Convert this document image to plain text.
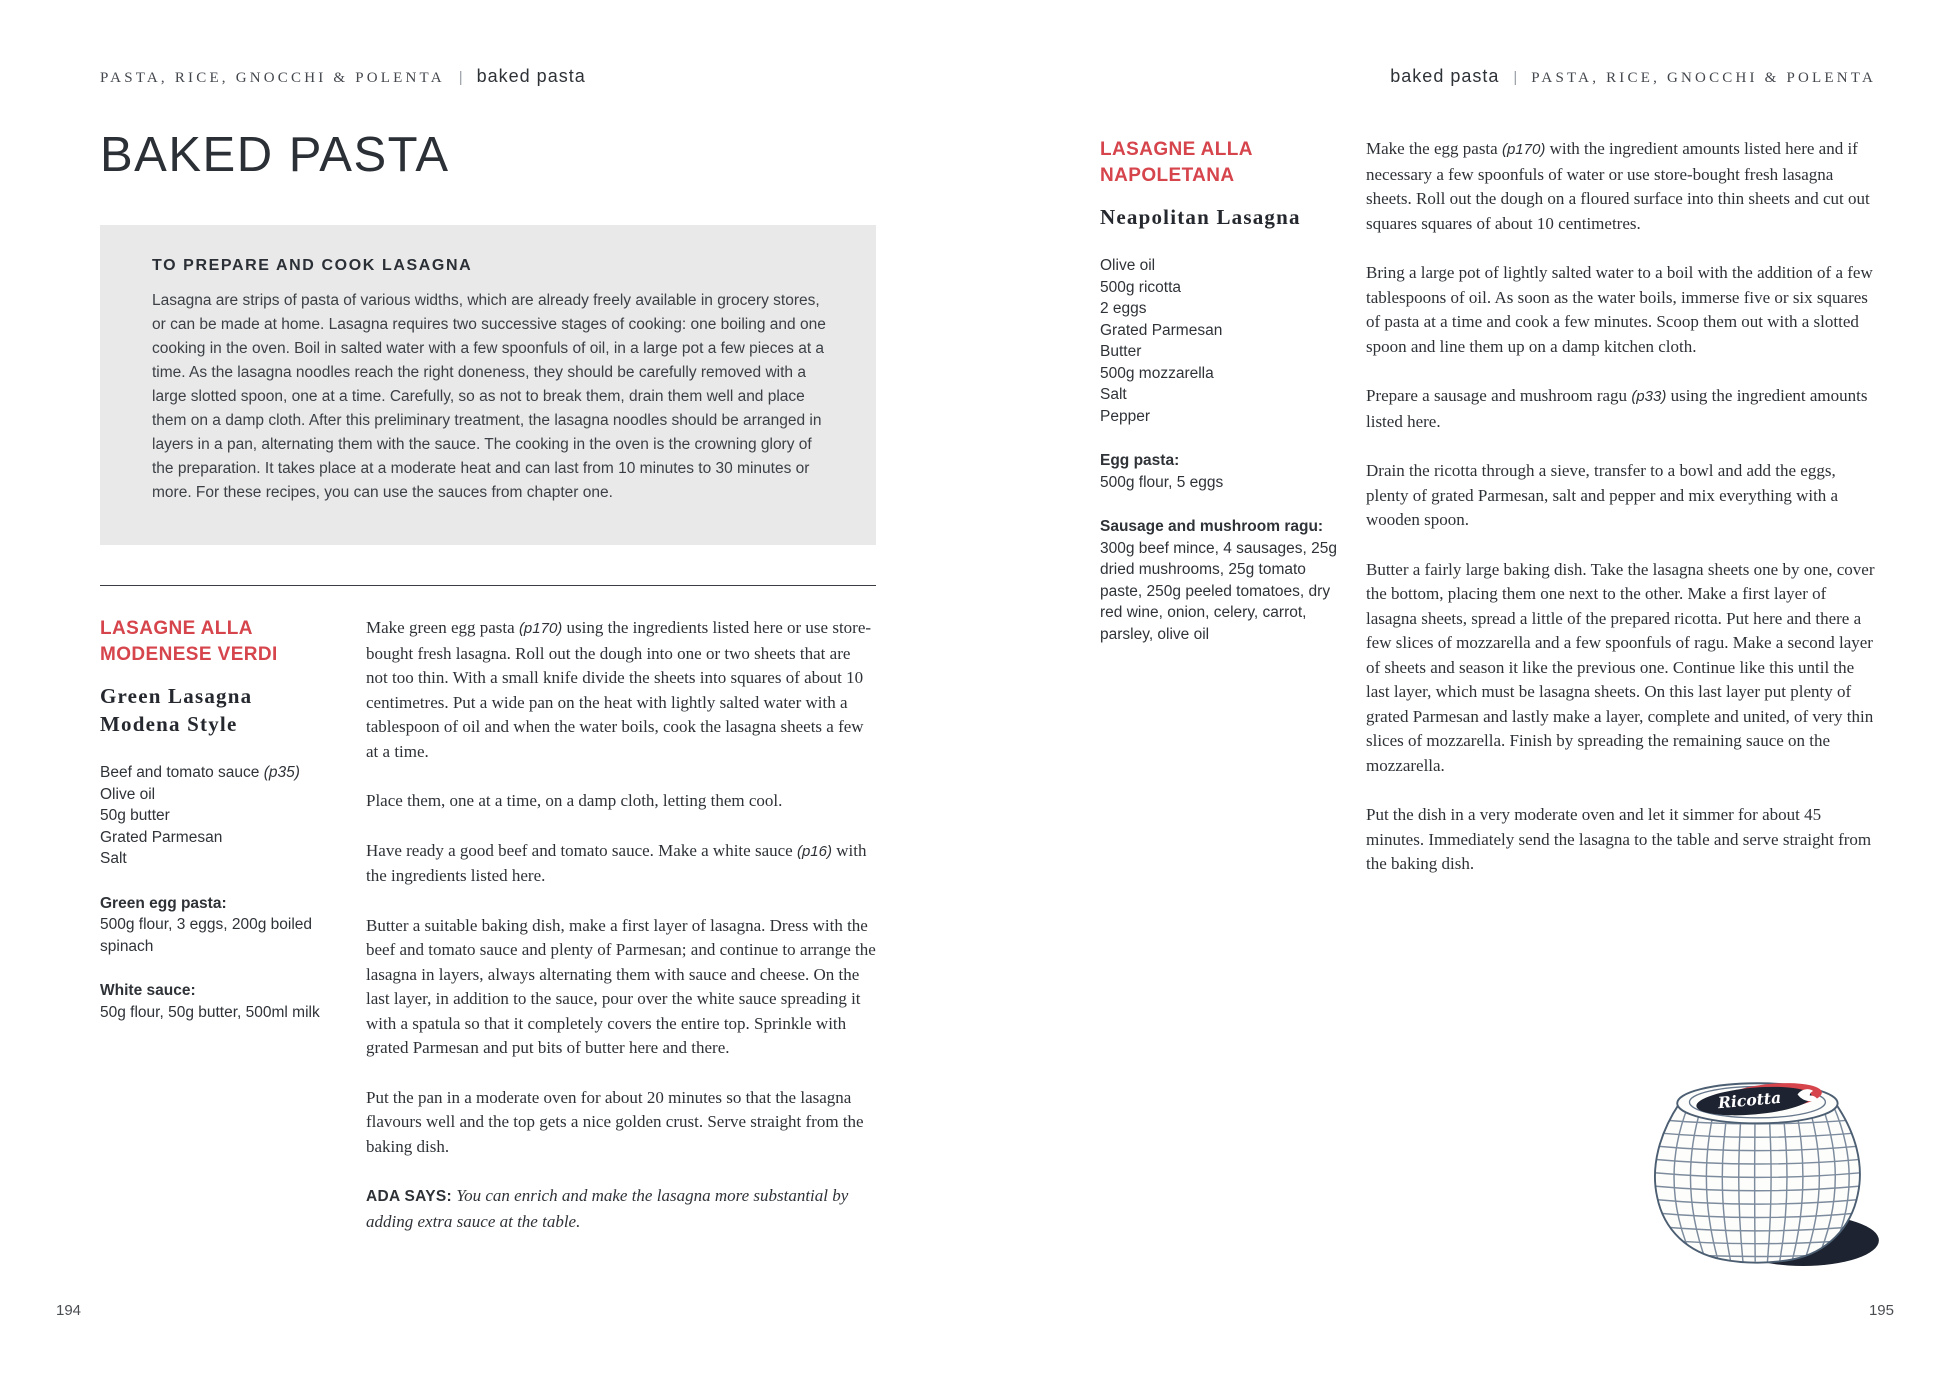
PASTA, RICE, GNOCCHI & POLENTA | baked pasta
BAKED PASTA
TO PREPARE AND COOK LASAGNA

Lasagna are strips of pasta of various widths, which are already freely available in grocery stores, or can be made at home. Lasagna requires two successive stages of cooking: one boiling and one cooking in the oven. Boil in salted water with a few spoonfuls of oil, in a large pot a few pieces at a time. As the lasagna noodles reach the right doneness, they should be carefully removed with a large slotted spoon, one at a time. Carefully, so as not to break them, drain them well and place them on a damp cloth. After this preliminary treatment, the lasagna noodles should be arranged in layers in a pan, alternating them with the sauce. The cooking in the oven is the crowning glory of the preparation. It takes place at a moderate heat and can last from 10 minutes to 30 minutes or more. For these recipes, you can use the sauces from chapter one.

LASAGNE ALLA
MODENESE VERDI
Green Lasagna
Modena Style
Beef and tomato sauce (p35)
Olive oil
50g butter
Grated Parmesan
Salt
Green egg pasta:
500g flour, 3 eggs, 200g boiled spinach
White sauce:
50g flour, 50g butter, 500ml milk

Make green egg pasta (p170) using the ingredients listed here or use store-bought fresh lasagna. Roll out the dough into one or two sheets that are not too thin. With a small knife divide the sheets into squares of about 10 centimetres. Put a wide pan on the heat with lightly salted water with a tablespoon of oil and when the water boils, cook the lasagna sheets a few at a time.

Place them, one at a time, on a damp cloth, letting them cool.

Have ready a good beef and tomato sauce. Make a white sauce (p16) with the ingredients listed here.

Butter a suitable baking dish, make a first layer of lasagna. Dress with the beef and tomato sauce and plenty of Parmesan; and continue to arrange the lasagna in layers, always alternating them with sauce and cheese. On the last layer, in addition to the sauce, pour over the white sauce spreading it with a spatula so that it completely covers the entire top. Sprinkle with grated Parmesan and put bits of butter here and there.

Put the pan in a moderate oven for about 20 minutes so that the lasagna flavours well and the top gets a nice golden crust. Serve straight from the baking dish.

ADA SAYS: You can enrich and make the lasagna more substantial by adding extra sauce at the table.

baked pasta | PASTA, RICE, GNOCCHI & POLENTA
LASAGNE ALLA
NAPOLETANA
Neapolitan Lasagna
Olive oil
500g ricotta
2 eggs
Grated Parmesan
Butter
500g mozzarella
Salt
Pepper
Egg pasta:
500g flour, 5 eggs
Sausage and mushroom ragu:
300g beef mince, 4 sausages, 25g dried mushrooms, 25g tomato paste, 250g peeled tomatoes, dry red wine, onion, celery, carrot, parsley, olive oil

Make the egg pasta (p170) with the ingredient amounts listed here and if necessary a few spoonfuls of water or use store-bought fresh lasagna sheets. Roll out the dough on a floured surface into thin sheets and cut out squares squares of about 10 centimetres.

Bring a large pot of lightly salted water to a boil with the addition of a few tablespoons of oil. As soon as the water boils, immerse five or six squares of pasta at a time and cook a few minutes. Scoop them out with a slotted spoon and line them up on a damp kitchen cloth.

Prepare a sausage and mushroom ragu (p33) using the ingredient amounts listed here.

Drain the ricotta through a sieve, transfer to a bowl and add the eggs, plenty of grated Parmesan, salt and pepper and mix everything with a wooden spoon.

Butter a fairly large baking dish. Take the lasagna sheets one by one, cover the bottom, placing them one next to the other. Make a first layer of lasagna sheets, spread a little of the prepared ricotta. Put here and there a few slices of mozzarella and a few spoonfuls of ragu. Make a second layer of sheets and season it like the previous one. Continue like this until the last layer, which must be lasagna sheets. On this last layer put plenty of grated Parmesan and lastly make a layer, complete and united, of very thin slices of mozzarella. Finish by spreading the remaining sauce on the mozzarella.

Put the dish in a very moderate oven and let it simmer for about 45 minutes. Immediately send the lasagna to the table and serve straight from the baking dish.

Ricotta
194	195
